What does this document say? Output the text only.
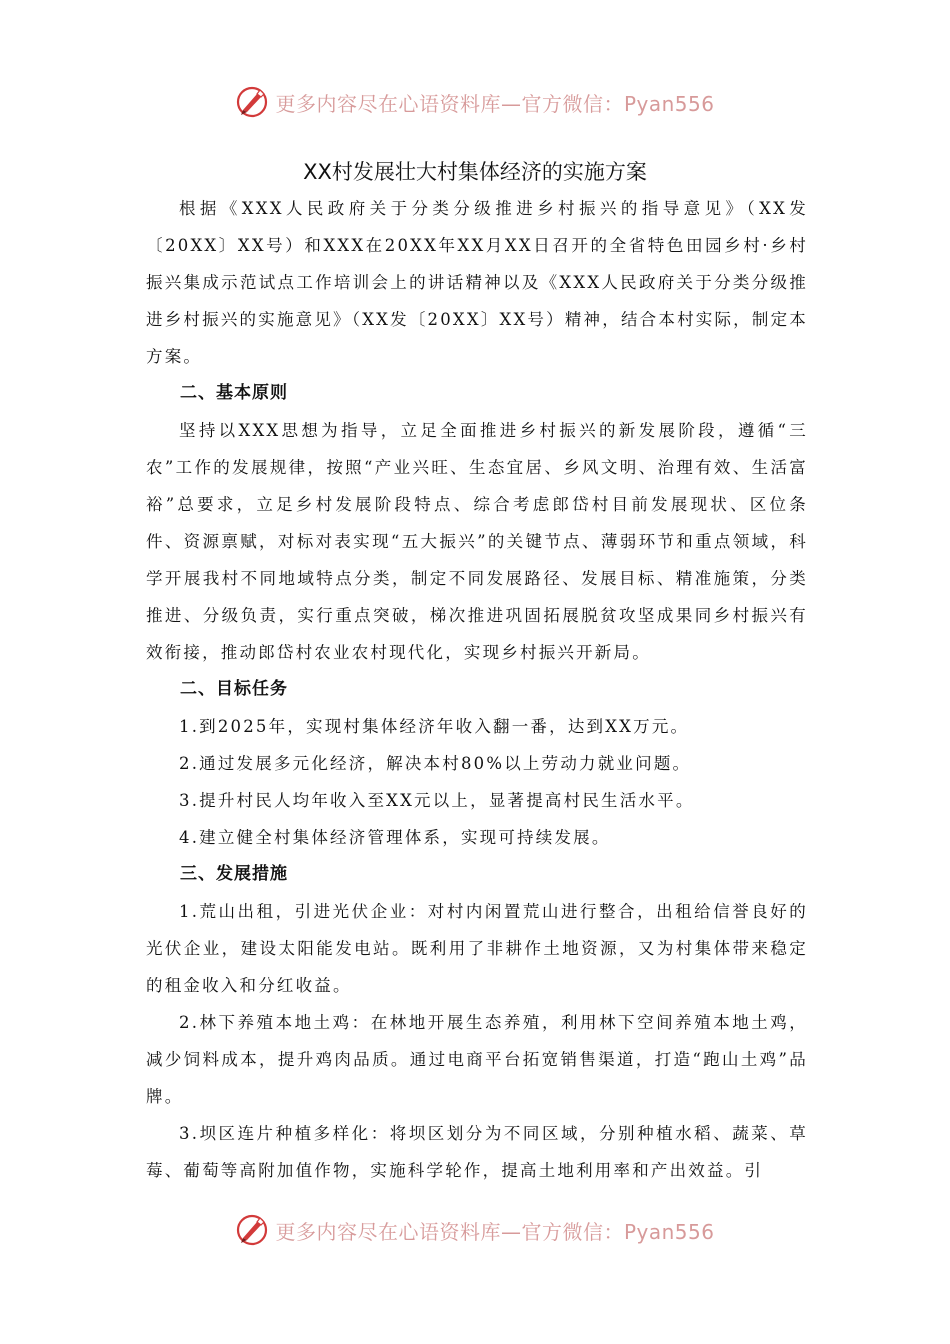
更多内容尽在心语资料库—官方微信：Pyan556
XX村发展壮大村集体经济的实施方案

根据《XXX人民政府关于分类分级推进乡村振兴的指导意见》（XX发〔20XX〕XX号）和XXX在20XX年XX月XX日召开的全省特色田园乡村·乡村振兴集成示范试点工作培训会上的讲话精神以及《XXX人民政府关于分类分级推进乡村振兴的实施意见》（XX发〔20XX〕XX号）精神，结合本村实际，制定本方案。

二、基本原则

坚持以XXX思想为指导，立足全面推进乡村振兴的新发展阶段，遵循“三农”工作的发展规律，按照“产业兴旺、生态宜居、乡风文明、治理有效、生活富裕”总要求，立足乡村发展阶段特点、综合考虑郎岱村目前发展现状、区位条件、资源禀赋，对标对表实现“五大振兴”的关键节点、薄弱环节和重点领域，科学开展我村不同地域特点分类，制定不同发展路径、发展目标、精准施策，分类推进、分级负责，实行重点突破，梯次推进巩固拓展脱贫攻坚成果同乡村振兴有效衔接，推动郎岱村农业农村现代化，实现乡村振兴开新局。

二、目标任务

1.到2025年，实现村集体经济年收入翻一番，达到XX万元。

2.通过发展多元化经济，解决本村80%以上劳动力就业问题。

3.提升村民人均年收入至XX元以上，显著提高村民生活水平。

4.建立健全村集体经济管理体系，实现可持续发展。

三、发展措施

1.荒山出租，引进光伏企业：对村内闲置荒山进行整合，出租给信誉良好的光伏企业，建设太阳能发电站。既利用了非耕作土地资源，又为村集体带来稳定的租金收入和分红收益。

2.林下养殖本地土鸡：在林地开展生态养殖，利用林下空间养殖本地土鸡，减少饲料成本，提升鸡肉品质。通过电商平台拓宽销售渠道，打造“跑山土鸡”品牌。

3.坝区连片种植多样化：将坝区划分为不同区域，分别种植水稻、蔬菜、草莓、葡萄等高附加值作物，实施科学轮作，提高土地利用率和产出效益。引

更多内容尽在心语资料库—官方微信：Pyan556
